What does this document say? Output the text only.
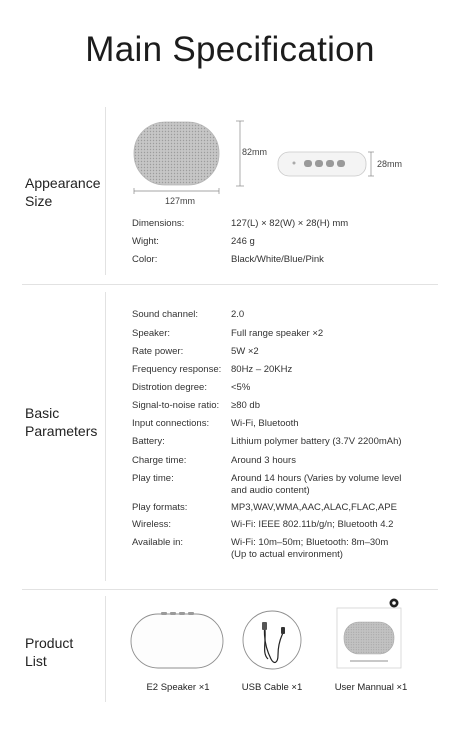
Main Specification
Appearance
Size
82mm
127mm
28mm
Dimensions:	127(L) × 82(W) × 28(H) mm
Wight:	246 g
Color:	Black/White/Blue/Pink
Basic
Parameters
Sound channel:	2.0
Speaker:	Full range speaker ×2
Rate power:	5W ×2
Frequency response:	80Hz – 20KHz
Distrotion degree:	<5%
Signal-to-noise ratio:	≥80 db
Input connections:	Wi-Fi, Bluetooth
Battery:	Lithium polymer battery (3.7V 2200mAh)
Charge time:	Around 3 hours
Play time:	Around 14 hours (Varies by volume level and audio content)
Play formats:	MP3,WAV,WMA,AAC,ALAC,FLAC,APE
Wireless:	Wi-Fi: IEEE 802.11b/g/n; Bluetooth 4.2
Available in:	Wi-Fi: 10m–50m; Bluetooth: 8m–30m (Up to actual environment)
Product
List
E2 Speaker ×1	USB Cable ×1	User Mannual ×1
